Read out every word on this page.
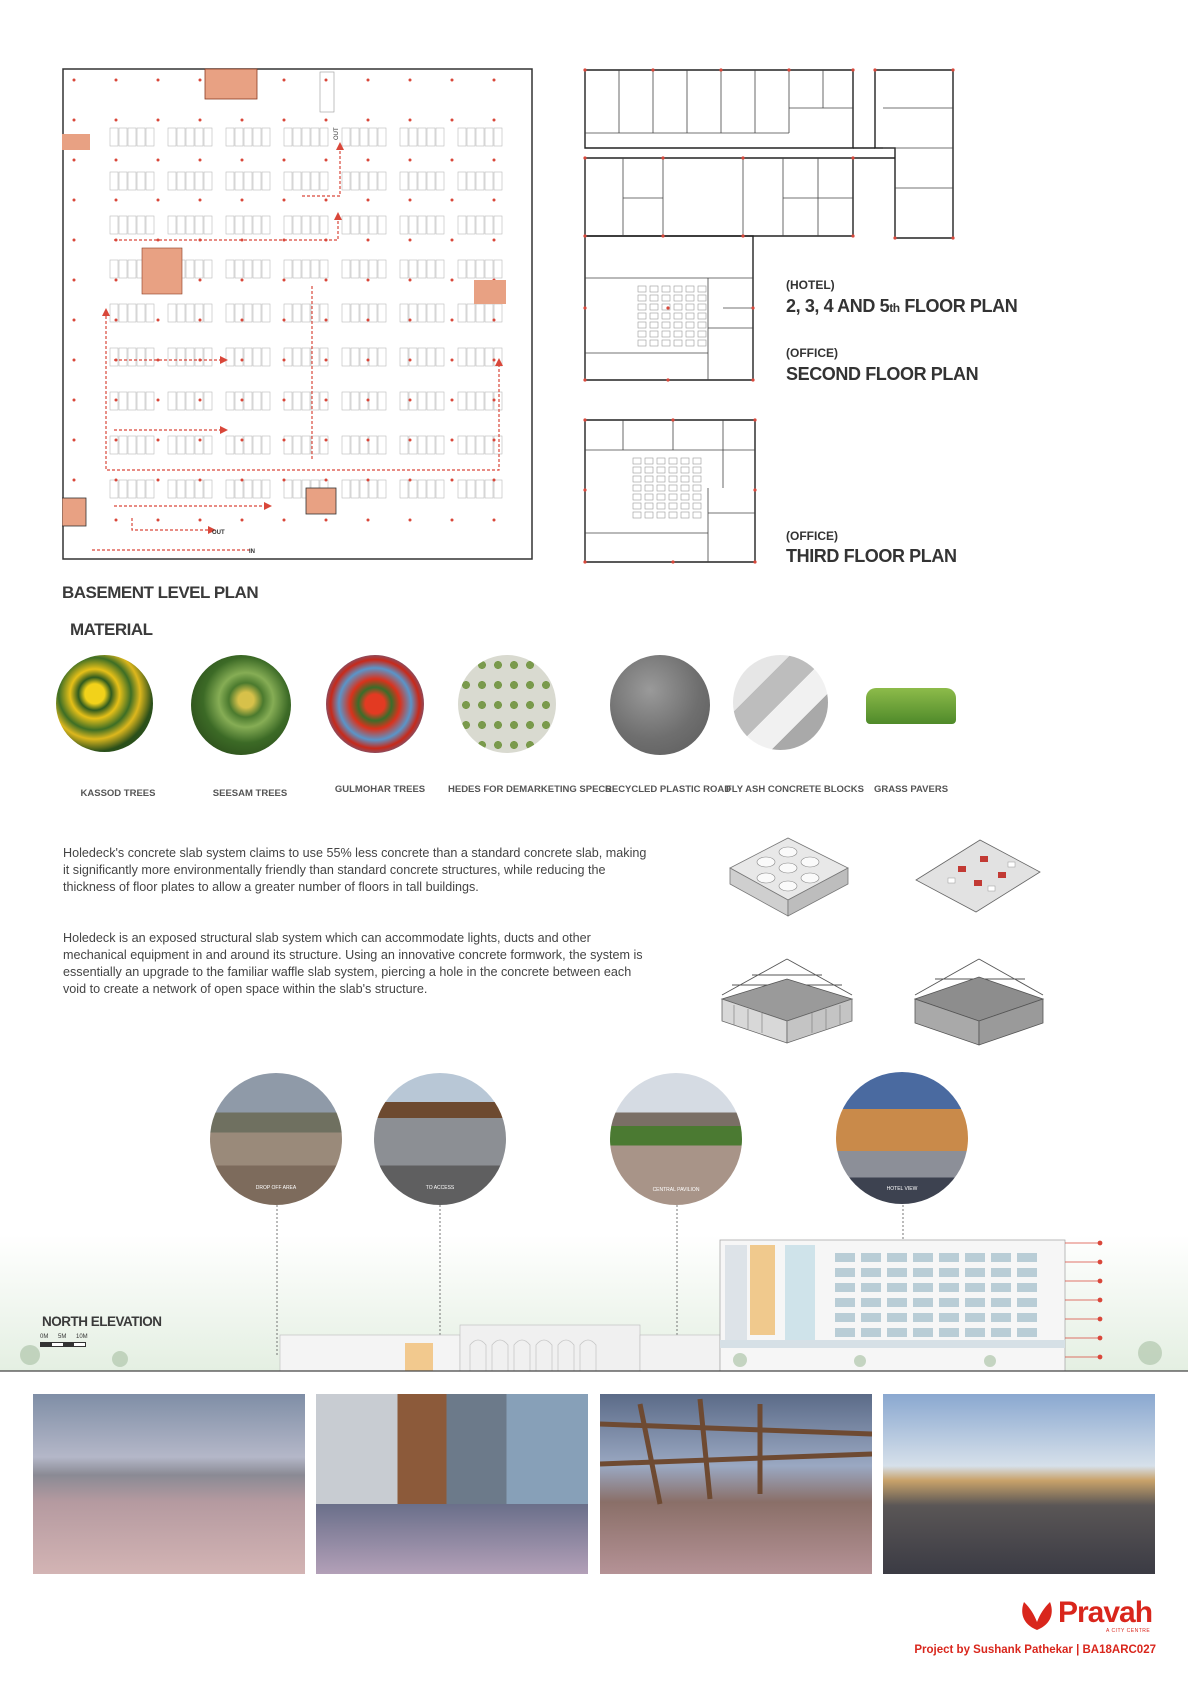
OUT
OUT
IN
BASEMENT LEVEL PLAN
(HOTEL)
2, 3, 4 AND 5th FLOOR PLAN
(OFFICE)
SECOND FLOOR PLAN
(OFFICE)
THIRD FLOOR PLAN
MATERIAL
KASSOD TREES	SEESAM TREES	GULMOHAR TREES	HEDES FOR DEMARKETING SPECS
RECYCLED PLASTIC ROAD
FLY ASH CONCRETE BLOCKS	GRASS PAVERS
Holedeck's concrete slab system claims to use 55% less concrete than a standard concrete slab, making it significantly more environmentally friendly than standard concrete structures, while reducing the thickness of floor plates to allow a greater number of floors in tall buildings.
Holedeck is an exposed structural slab system which can accommodate lights, ducts and other mechanical equipment in and around its structure. Using an innovative concrete formwork, the system is essentially an upgrade to the familiar waffle slab system, piercing a hole in the concrete between each void to create a network of open space within the slab's structure.
DROP OFF AREA	TO ACCESS	CENTRAL PAVILION	HOTEL VIEW
NORTH ELEVATION
0M 5M 10M
Pravah
A CITY CENTRE
Project by Sushank Pathekar | BA18ARC027
